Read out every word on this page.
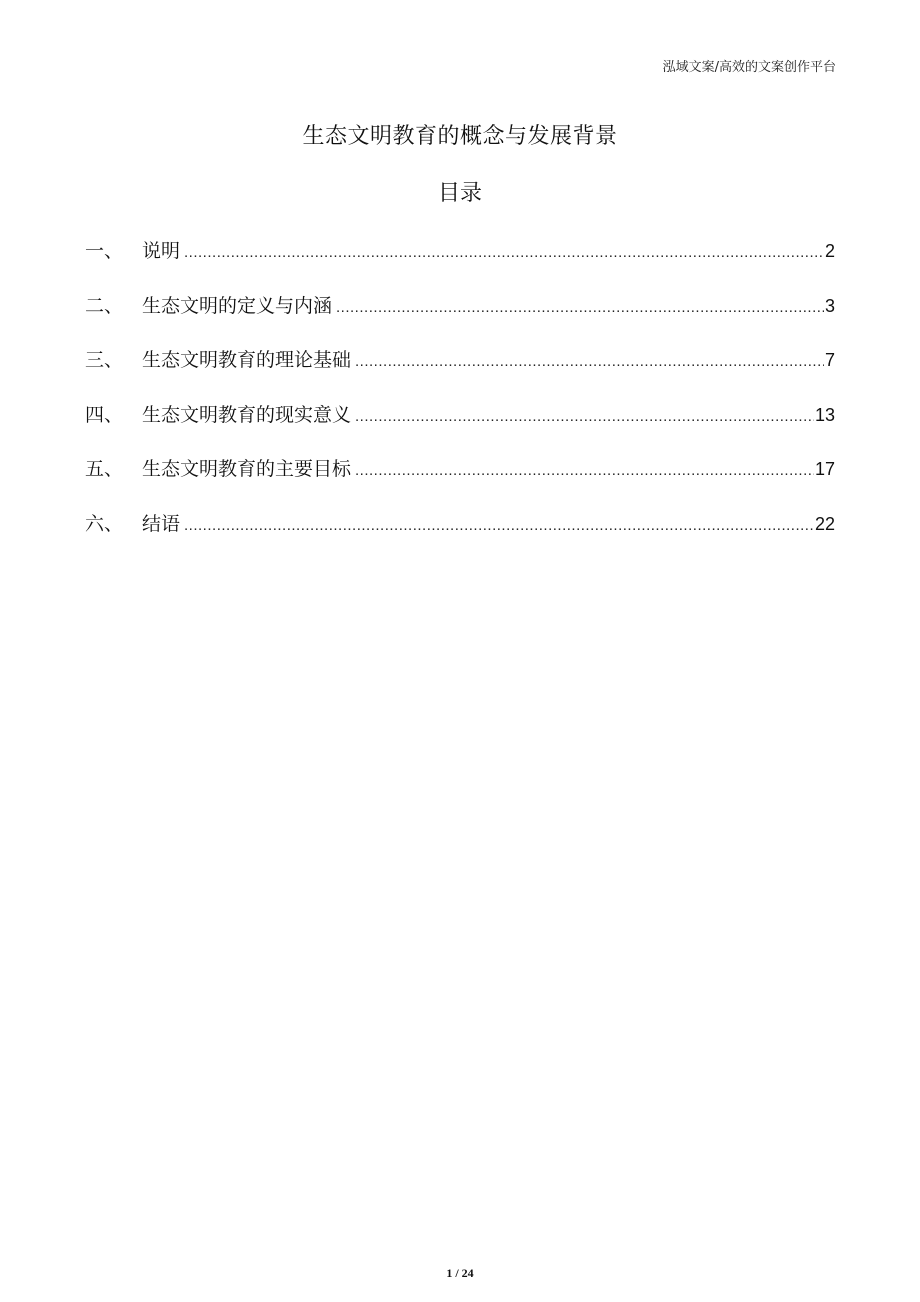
泓域文案/高效的文案创作平台
生态文明教育的概念与发展背景
目录
一、 说明 .....	2
二、 生态文明的定义与内涵 .....	3
三、 生态文明教育的理论基础 .....	7
四、 生态文明教育的现实意义 .....	13
五、 生态文明教育的主要目标 .....	17
六、 结语 .....	22
1 / 24
